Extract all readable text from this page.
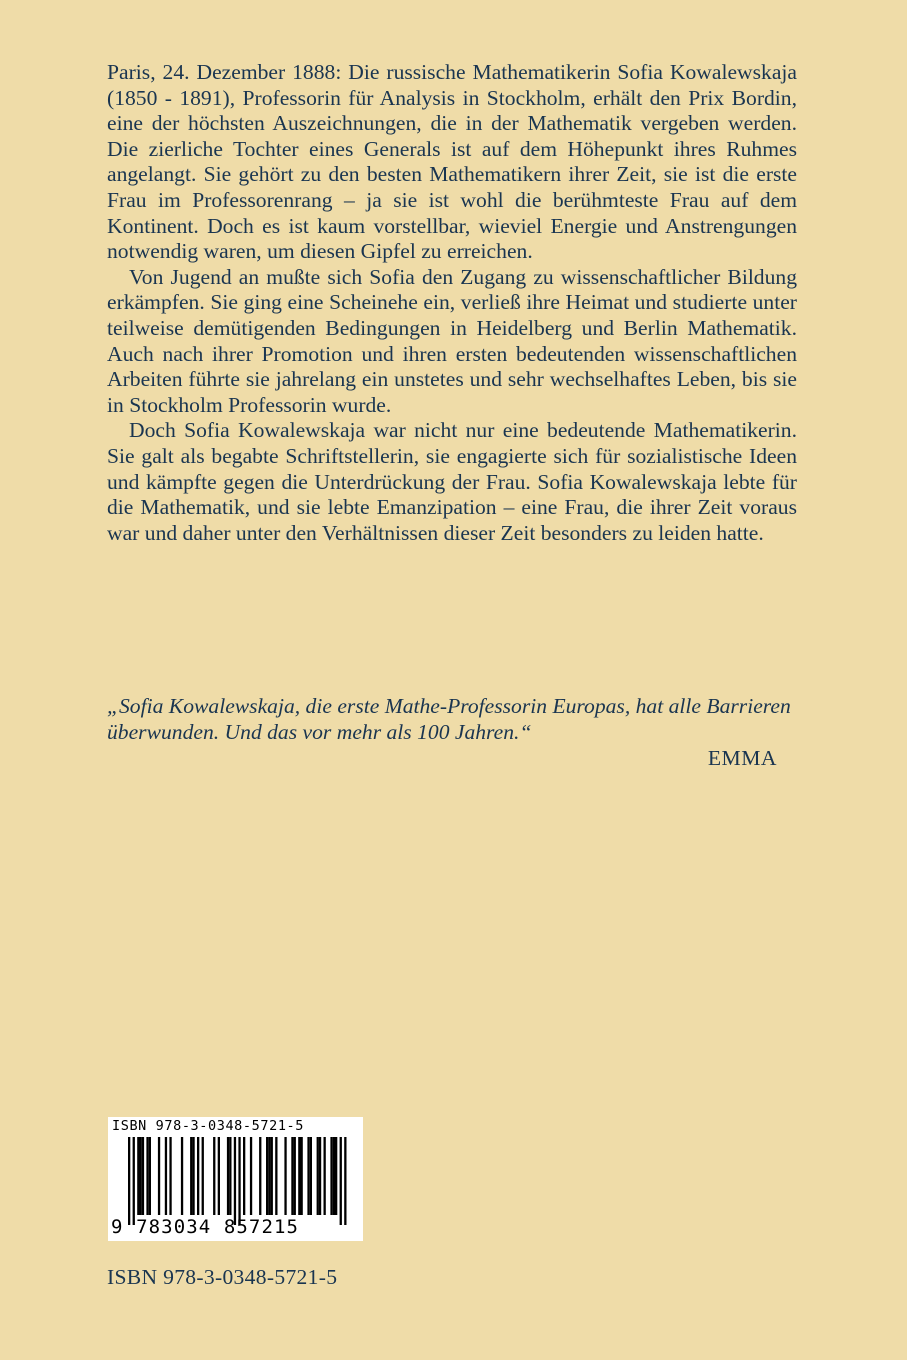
Paris, 24. Dezember 1888: Die russische Mathematikerin Sofia Kowalewskaja (1850 - 1891), Professorin für Analysis in Stockholm, erhält den Prix Bordin, eine der höchsten Auszeichnungen, die in der Mathematik vergeben werden. Die zierliche Tochter eines Generals ist auf dem Höhepunkt ihres Ruhmes angelangt. Sie gehört zu den besten Mathematikern ihrer Zeit, sie ist die erste Frau im Professorenrang – ja sie ist wohl die berühmteste Frau auf dem Kontinent. Doch es ist kaum vorstellbar, wieviel Energie und Anstrengungen notwendig waren, um diesen Gipfel zu erreichen.

Von Jugend an mußte sich Sofia den Zugang zu wissenschaftlicher Bildung erkämpfen. Sie ging eine Scheinehe ein, verließ ihre Heimat und studierte unter teilweise demütigenden Bedingungen in Heidelberg und Berlin Mathematik. Auch nach ihrer Promotion und ihren ersten bedeutenden wissenschaftlichen Arbeiten führte sie jahrelang ein unstetes und sehr wechselhaftes Leben, bis sie in Stockholm Professorin wurde.

Doch Sofia Kowalewskaja war nicht nur eine bedeutende Mathematikerin. Sie galt als begabte Schriftstellerin, sie engagierte sich für sozialistische Ideen und kämpfte gegen die Unterdrückung der Frau. Sofia Kowalewskaja lebte für die Mathematik, und sie lebte Emanzipation – eine Frau, die ihrer Zeit voraus war und daher unter den Verhältnissen dieser Zeit besonders zu leiden hatte.

„Sofia Kowalewskaja, die erste Mathe-Professorin Europas, hat alle Barrieren überwunden. Und das vor mehr als 100 Jahren.“

EMMA

ISBN 978-3-0348-5721-5
9 783034 857215
ISBN 978-3-0348-5721-5
